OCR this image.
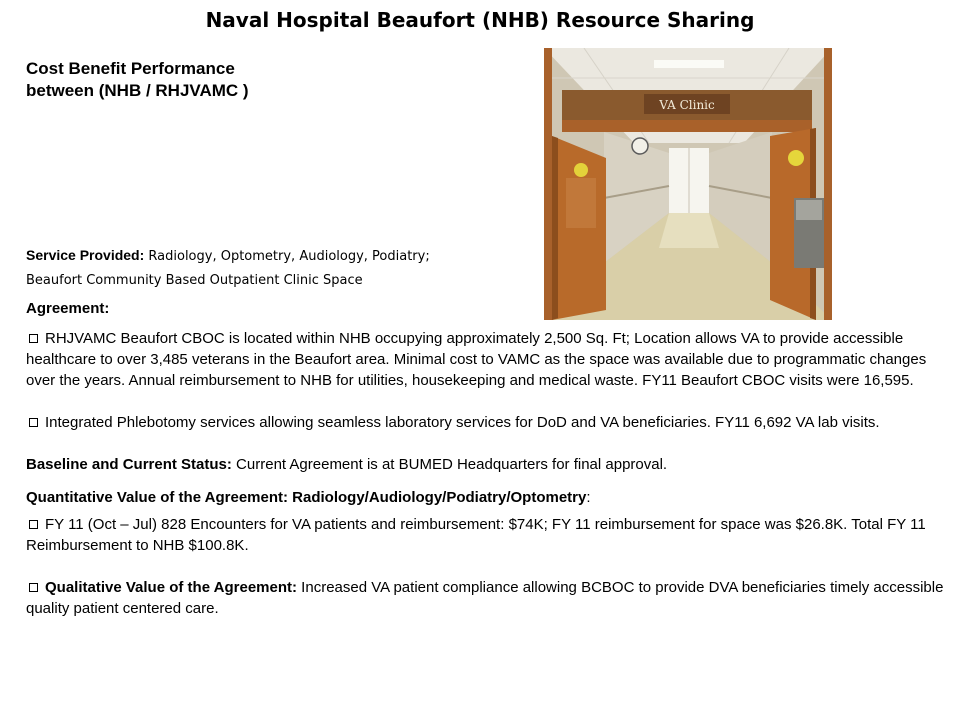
Naval Hospital Beaufort (NHB) Resource Sharing
Cost Benefit Performance
between (NHB / RHJVAMC )
VA Clinic
Service Provided: Radiology, Optometry, Audiology, Podiatry;
Beaufort Community Based Outpatient Clinic Space
Agreement:

RHJVAMC Beaufort CBOC is located within NHB occupying approximately 2,500 Sq. Ft; Location allows VA to provide accessible healthcare to over 3,485 veterans in the Beaufort area. Minimal cost to VAMC as the space was available due to programmatic changes over the years. Annual reimbursement to NHB for utilities, housekeeping and medical waste. FY11 Beaufort CBOC visits were 16,595.

Integrated Phlebotomy services allowing seamless laboratory services for DoD and VA beneficiaries. FY11 6,692 VA lab visits.

Baseline and Current Status: Current Agreement is at BUMED Headquarters for final approval.

Quantitative Value of the Agreement: Radiology/Audiology/Podiatry/Optometry:

FY 11 (Oct – Jul) 828 Encounters for VA patients and reimbursement: $74K; FY 11 reimbursement for space was $26.8K. Total FY 11 Reimbursement to NHB $100.8K.

Qualitative Value of the Agreement: Increased VA patient compliance allowing BCBOC to provide DVA beneficiaries timely accessible quality patient centered care.
